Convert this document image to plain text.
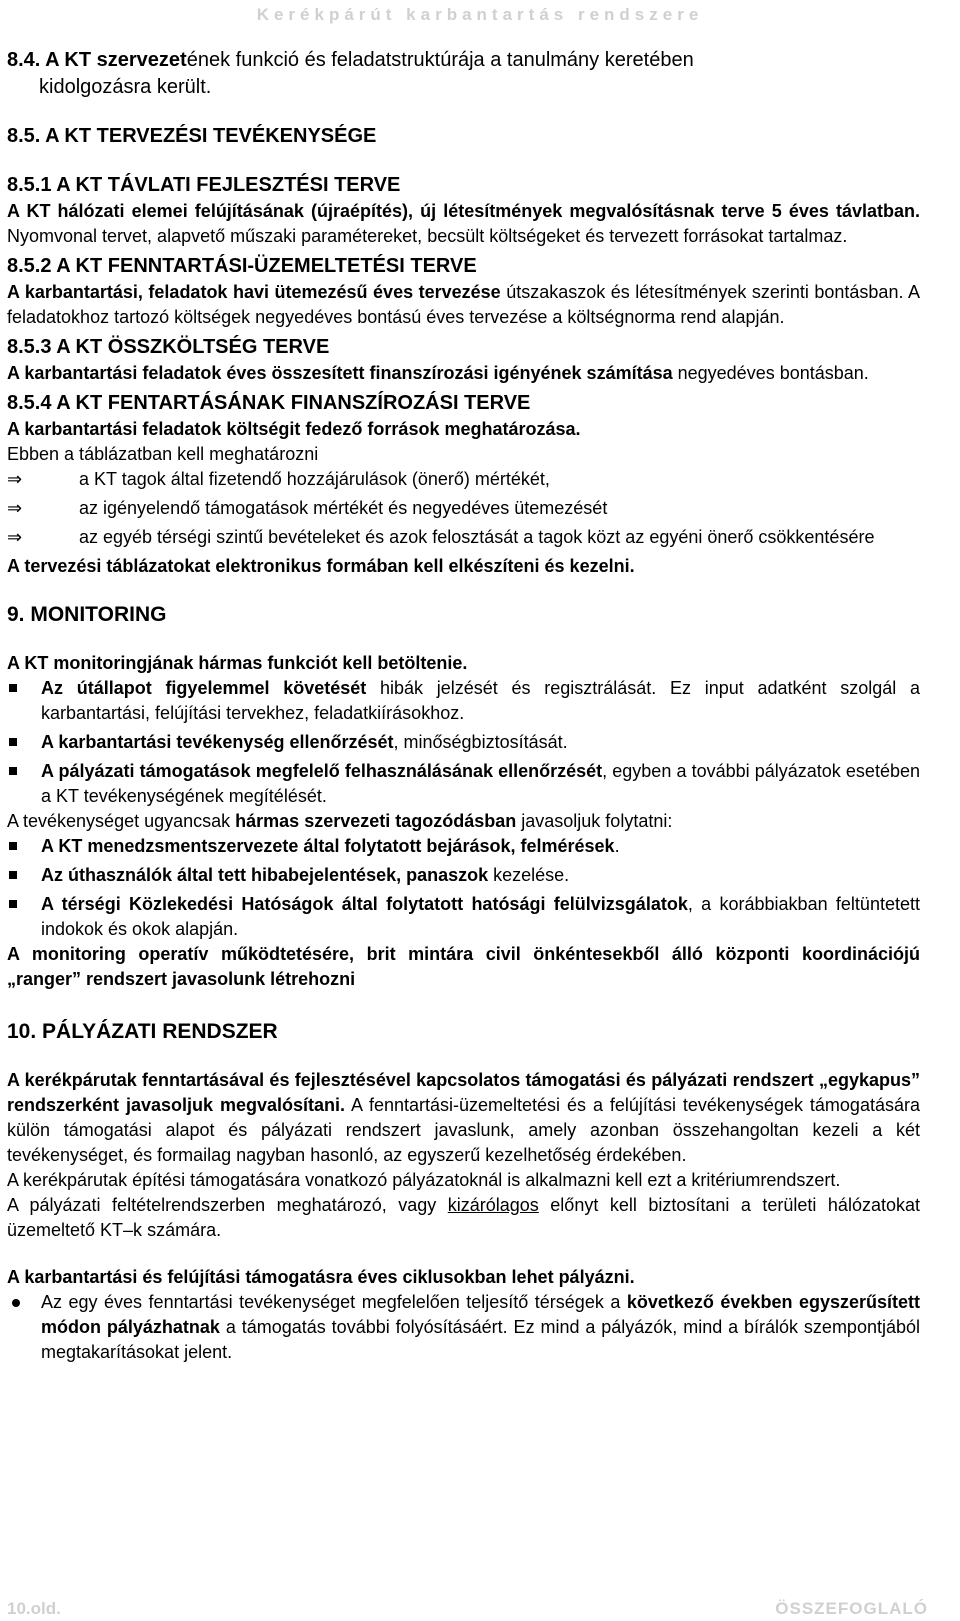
Kerékpárút karbantartás rendszere

8.4. A KT szervezetének funkció és feladatstruktúrája a tanulmány keretében

kidolgozásra került.

8.5. A KT TERVEZÉSI TEVÉKENYSÉGE

8.5.1 A KT TÁVLATI FEJLESZTÉSI TERVE

A KT hálózati elemei felújításának (újraépítés), új létesítmények megvalósításnak terve 5 éves távlatban. Nyomvonal tervet, alapvető műszaki paramétereket, becsült költségeket és tervezett forrásokat tartalmaz.

8.5.2 A KT FENNTARTÁSI-ÜZEMELTETÉSI TERVE

A karbantartási, feladatok havi ütemezésű éves tervezése útszakaszok és létesítmények szerinti bontásban. A feladatokhoz tartozó költségek negyedéves bontású éves tervezése a költségnorma rend alapján.

8.5.3 A KT ÖSSZKÖLTSÉG TERVE

A karbantartási feladatok éves összesített finanszírozási igényének számítása negyedéves bontásban.

8.5.4 A KT FENTARTÁSÁNAK FINANSZÍROZÁSI TERVE

A karbantartási feladatok költségit fedező források meghatározása.

Ebben a táblázatban kell meghatározni

⇒	a KT tagok által fizetendő hozzájárulások (önerő) mértékét,
⇒	az igényelendő támogatások mértékét és negyedéves ütemezését
⇒	az egyéb térségi szintű bevételeket és azok felosztását a tagok közt az egyéni önerő csökkentésére

A tervezési táblázatokat elektronikus formában kell elkészíteni és kezelni.

9. MONITORING

A KT monitoringjának hármas funkciót kell betöltenie.

Az útállapot figyelemmel követését hibák jelzését és regisztrálását. Ez input adatként szolgál a karbantartási, felújítási tervekhez, feladatkiírásokhoz.
A karbantartási tevékenység ellenőrzését, minőségbiztosítását.
A pályázati támogatások megfelelő felhasználásának ellenőrzését, egyben a további pályázatok esetében a KT tevékenységének megítélését.

A tevékenységet ugyancsak hármas szervezeti tagozódásban javasoljuk folytatni:

A KT menedzsmentszervezete által folytatott bejárások, felmérések.
Az úthasználók által tett hibabejelentések, panaszok kezelése.
A térségi Közlekedési Hatóságok által folytatott hatósági felülvizsgálatok, a korábbiakban feltüntetett indokok és okok alapján.

A monitoring operatív működtetésére, brit mintára civil önkéntesekből álló központi koordinációjú „ranger” rendszert javasolunk létrehozni

10. PÁLYÁZATI RENDSZER

A kerékpárutak fenntartásával és fejlesztésével kapcsolatos támogatási és pályázati rendszert „egykapus” rendszerként javasoljuk megvalósítani. A fenntartási-üzemeltetési és a felújítási tevékenységek támogatására külön támogatási alapot és pályázati rendszert javaslunk, amely azonban összehangoltan kezeli a két tevékenységet, és formailag nagyban hasonló, az egyszerű kezelhetőség érdekében.

A kerékpárutak építési támogatására vonatkozó pályázatoknál is alkalmazni kell ezt a kritériumrendszert.

A pályázati feltételrendszerben meghatározó, vagy kizárólagos előnyt kell biztosítani a területi hálózatokat üzemeltető KT–k számára.

A karbantartási és felújítási támogatásra éves ciklusokban lehet pályázni.

Az egy éves fenntartási tevékenységet megfelelően teljesítő térségek a következő években egyszerűsített módon pályázhatnak a támogatás további folyósításáért. Ez mind a pályázók, mind a bírálók szempontjából megtakarításokat jelent.
10.old.	ÖSSZEFOGLALÓ
